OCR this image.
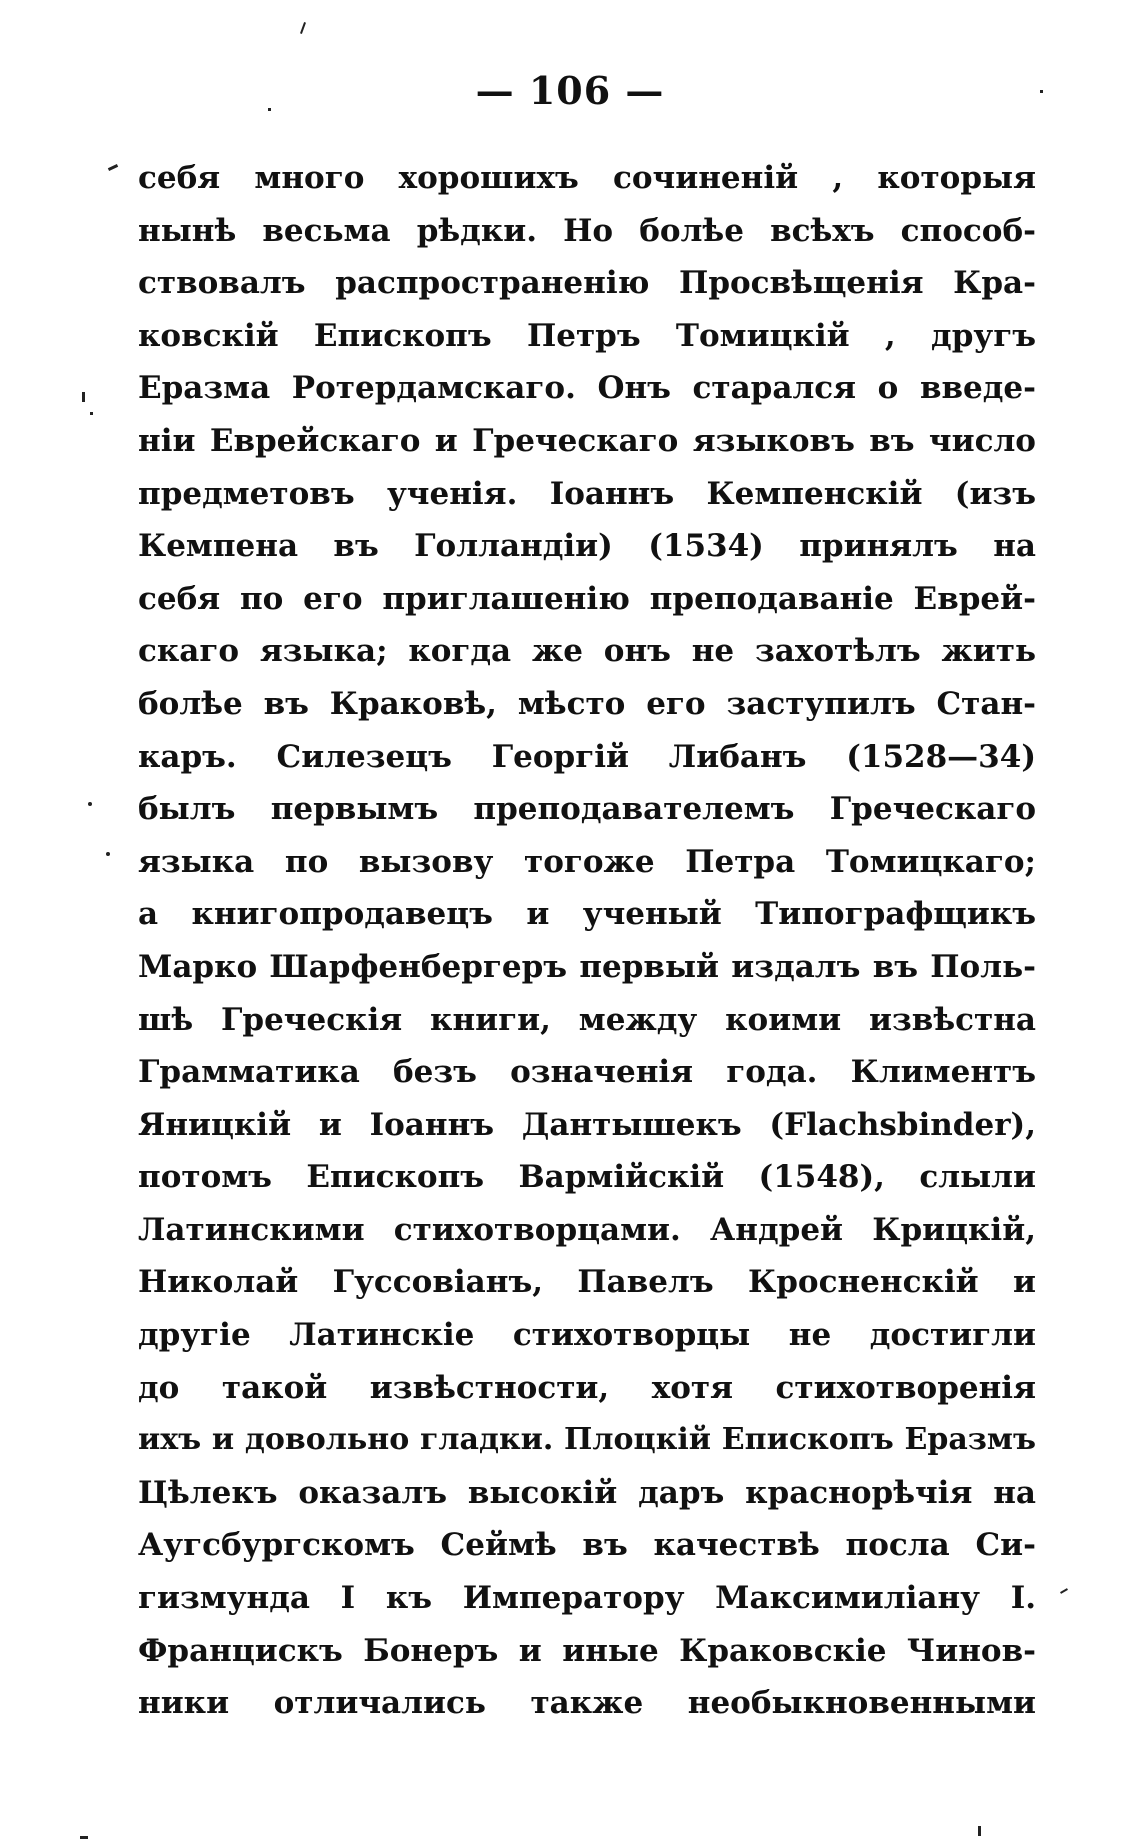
— 106 —
себя много хорошихъ сочиненій , которыя
нынѣ весьма рѣдки. Но болѣе всѣхъ способ-
ствовалъ распространенію Просвѣщенія Кра-
ковскій Епископъ Петръ Томицкій , другъ
Еразма Ротердамскаго. Онъ старался о введе-
ніи Еврейскаго и Греческаго языковъ въ число
предметовъ ученія. Іоаннъ Кемпенскій (изъ
Кемпена въ Голландіи) (1534) принялъ на
себя по его приглашенію преподаваніе Еврей-
скаго языка; когда же онъ не захотѣлъ жить
болѣе въ Краковѣ, мѣсто его заступилъ Стан-
каръ. Силезецъ Георгій Либанъ (1528—34)
былъ первымъ преподавателемъ Греческаго
языка по вызову тогоже Петра Томицкаго;
а книгопродавецъ и ученый Типографщикъ
Марко Шарфенбергеръ первый издалъ въ Поль-
шѣ Греческія книги, между коими извѣстна
Грамматика безъ означенія года. Климентъ
Яницкій и Іоаннъ Дантышекъ (Flachsbinder),
потомъ Епископъ Вармійскій (1548), слыли
Латинскими стихотворцами. Андрей Крицкій,
Николай Гуссовіанъ, Павелъ Кросненскій и
другіе Латинскіе стихотворцы не достигли
до такой извѣстности, хотя стихотворенія
ихъ и довольно гладки. Плоцкій Епископъ Еразмъ
Цѣлекъ оказалъ высокій даръ краснорѣчія на
Аугсбургскомъ Сеймѣ въ качествѣ посла Си-
гизмунда I къ Императору Максимиліану I.
Францискъ Бонеръ и иные Краковскіе Чинов-
ники отличались также необыкновенными
